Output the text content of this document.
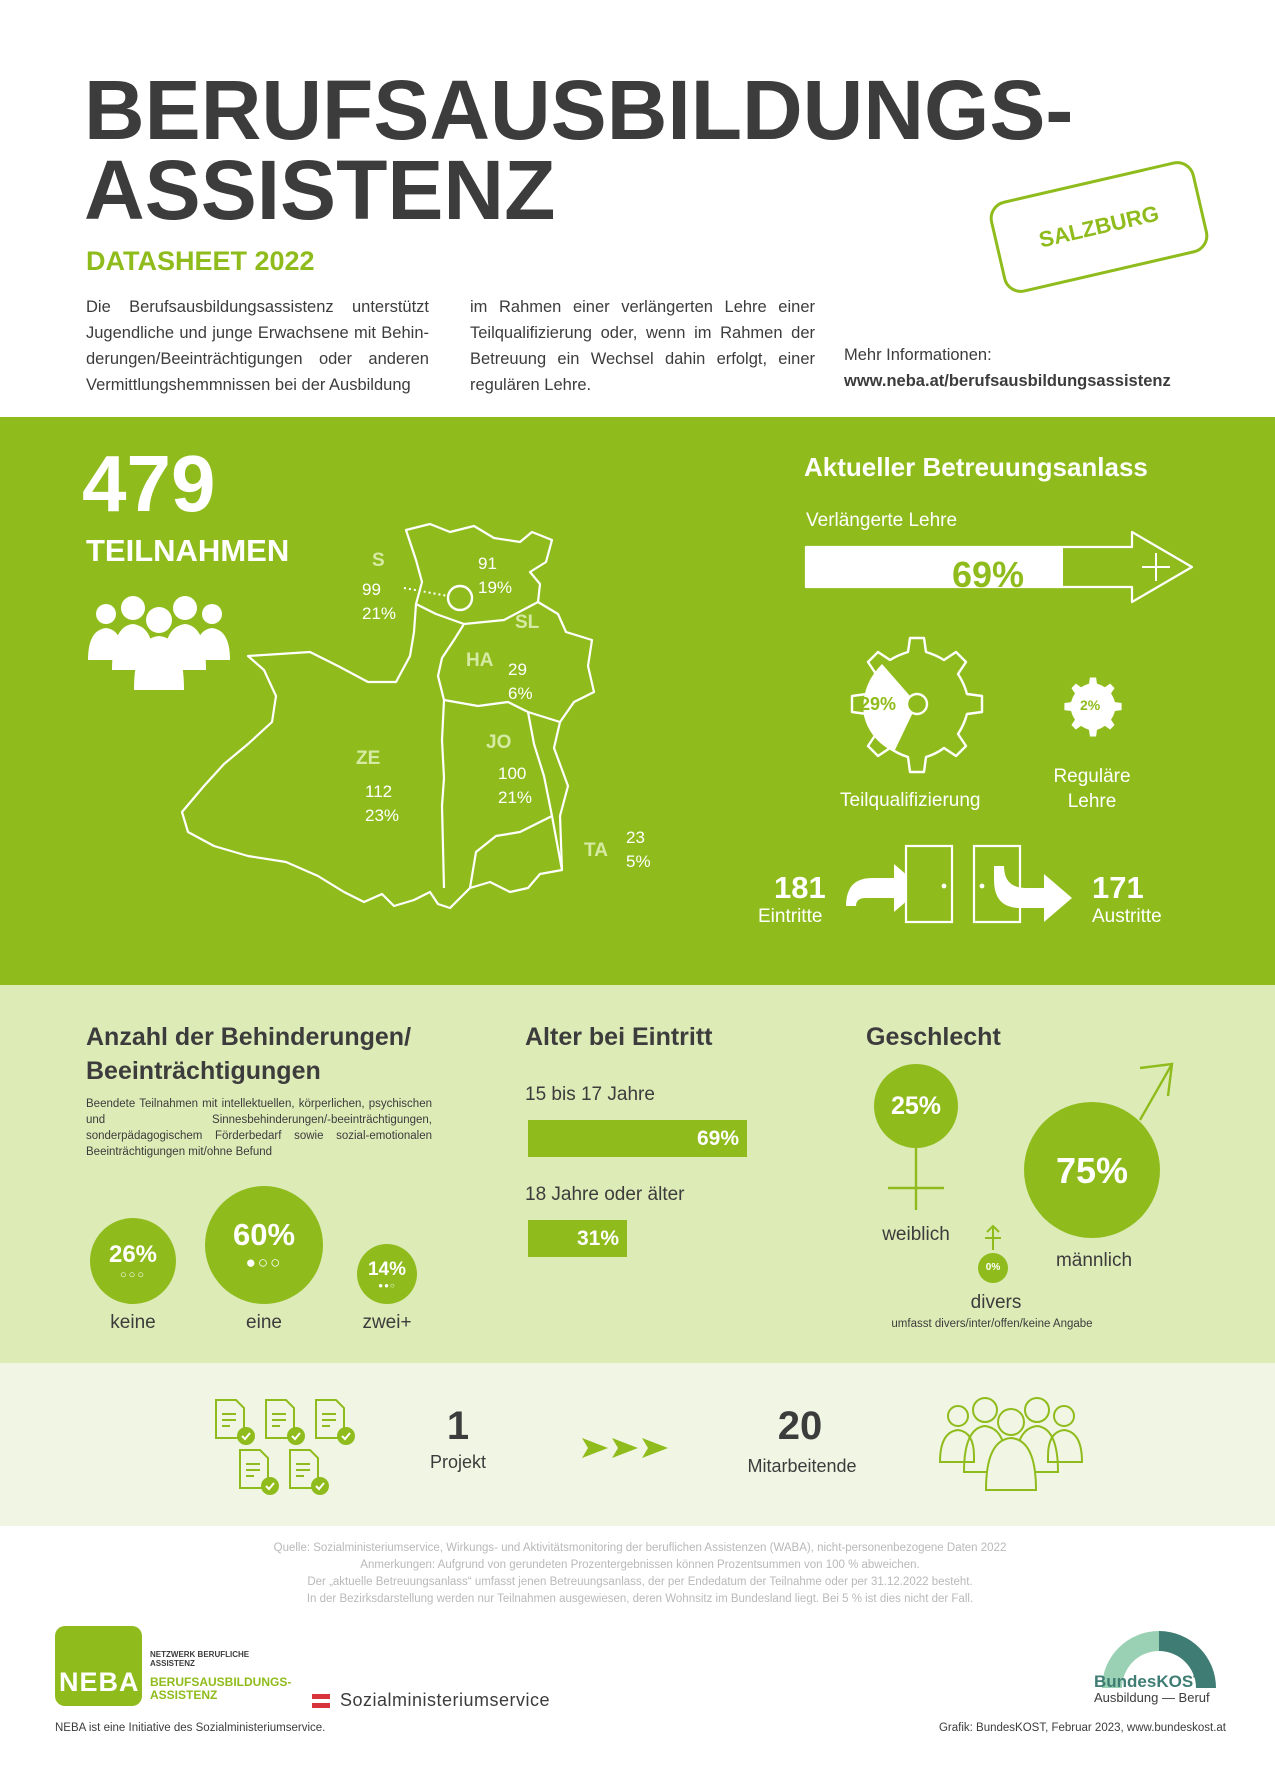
BERUFSAUSBILDUNGS-
ASSISTENZ
DATASHEET 2022
SALZBURG
Die Berufsausbildungsassistenz unterstützt Jugendliche und junge Erwachsene mit Behin-derungen/Beeinträchtigungen oder anderen Vermittlungshemmnissen bei der Ausbildung
im Rahmen einer verlängerten Lehre einer Teilqualifizierung oder, wenn im Rahmen der Betreuung ein Wechsel dahin erfolgt, einer regulären Lehre.
Mehr Informationen:
www.neba.at/berufsausbildungsassistenz
479
TEILNAHMEN	S
99
21%
91
19%
SL
HA 29
6%
JO
100
21%
ZE
112
23%
TA
23
5%
Aktueller Betreuungsanlass
Verlängerte Lehre
69%
29%
Teilqualifizierung
2%
Reguläre
Lehre
181
Eintritte
171
Austritte
Anzahl der Behinderungen/
Beeinträchtigungen
Beendete Teilnahmen mit intellektuellen, körperlichen, psychischen und Sinnesbehinderungen/-beeinträchtigungen, sonderpädagogischem Förderbedarf sowie sozial-emotionalen Beeinträchtigungen mit/ohne Befund
26%
○○○
keine
60%
●○○
eine
14%
●●○
zwei+
Alter bei Eintritt
15 bis 17 Jahre
69%
18 Jahre oder älter
31%
Geschlecht
25%
weiblich
75%
männlich
0%
divers
umfasst divers/inter/offen/keine Angabe
1
Projekt
20
Mitarbeitende
Quelle: Sozialministeriumservice, Wirkungs- und Aktivitätsmonitoring der beruflichen Assistenzen (WABA), nicht-personenbezogene Daten 2022
Anmerkungen: Aufgrund von gerundeten Prozentergebnissen können Prozentsummen von 100 % abweichen.
Der „aktuelle Betreuungsanlass“ umfasst jenen Betreuungsanlass, der per Endedatum der Teilnahme oder per 31.12.2022 besteht.
In der Bezirksdarstellung werden nur Teilnahmen ausgewiesen, deren Wohnsitz im Bundesland liegt. Bei 5 % ist dies nicht der Fall.
NEBA
NETZWERK BERUFLICHE
ASSISTENZ
BERUFSAUSBILDUNGS-
ASSISTENZ	Sozialministeriumservice
NEBA ist eine Initiative des Sozialministeriumservice.
BundesKOST
Ausbildung — Beruf
Grafik: BundesKOST, Februar 2023, www.bundeskost.at
